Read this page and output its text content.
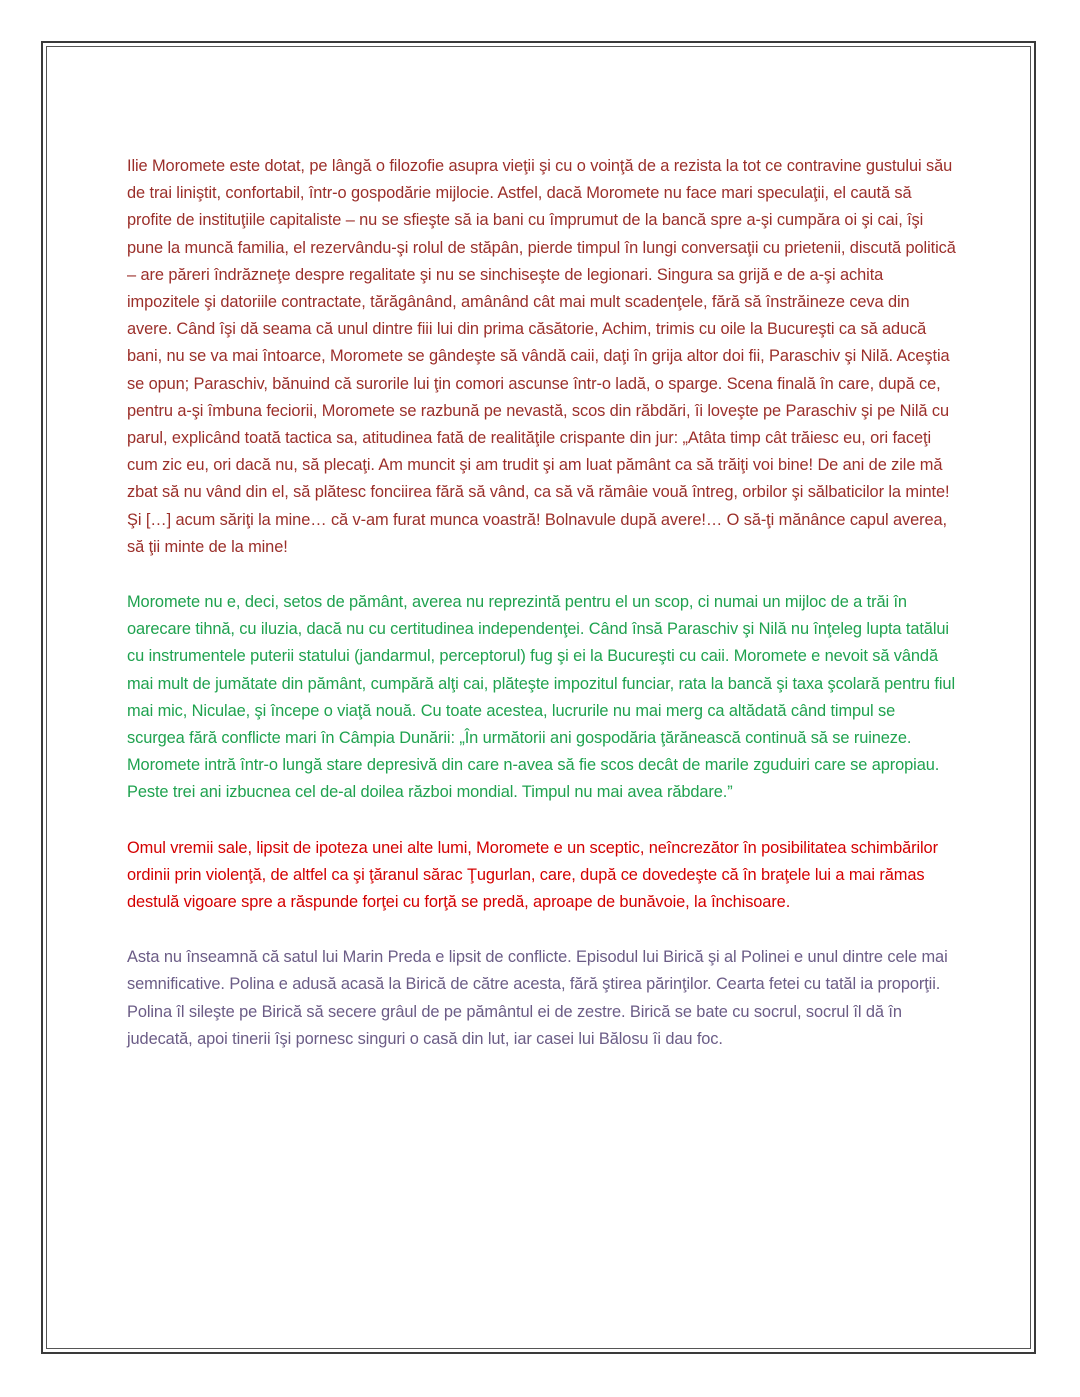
Ilie Moromete este dotat, pe lângă o filozofie asupra vieţii şi cu o voinţă de a rezista la tot ce contravine gustului său de trai liniştit, confortabil, într-o gospodărie mijlocie. Astfel, dacă Moromete nu face mari speculaţii, el caută să profite de instituţiile capitaliste – nu se sfieşte să ia bani cu împrumut de la bancă spre a-şi cumpăra oi şi cai, îşi pune la muncă familia, el rezervându-şi rolul de stăpân, pierde timpul în lungi conversaţii cu prietenii, discută politică – are păreri îndrăzneţe despre regalitate şi nu se sinchiseşte de legionari. Singura sa grijă e de a-şi achita impozitele şi datoriile contractate, tărăgânând, amânând cât mai mult scadenţele, fără să înstrăineze ceva din avere. Când îşi dă seama că unul dintre fiii lui din prima căsătorie, Achim, trimis cu oile la Bucureşti ca să aducă bani, nu se va mai întoarce, Moromete se gândeşte să vândă caii, daţi în grija altor doi fii, Paraschiv şi Nilă. Aceştia se opun; Paraschiv, bănuind că surorile lui ţin comori ascunse într-o ladă, o sparge. Scena finală în care, după ce, pentru a-şi îmbuna feciorii, Moromete se razbună pe nevastă, scos din răbdări, îi loveşte pe Paraschiv şi pe Nilă cu parul, explicând toată tactica sa, atitudinea fată de realităţile crispante din jur: „Atâta timp cât trăiesc eu, ori faceţi cum zic eu, ori dacă nu, să plecaţi. Am muncit şi am trudit şi am luat pământ ca să trăiţi voi bine! De ani de zile mă zbat să nu vând din el, să plătesc fonciirea fără să vând, ca să vă rămâie vouă întreg, orbilor şi sălbaticilor la minte! Şi […] acum săriţi la mine… că v-am furat munca voastră! Bolnavule după avere!… O să-ţi mănânce capul averea, să ţii minte de la mine!

Moromete nu e, deci, setos de pământ, averea nu reprezintă pentru el un scop, ci numai un mijloc de a trăi în oarecare tihnă, cu iluzia, dacă nu cu certitudinea independenţei. Când însă Paraschiv şi Nilă nu înţeleg lupta tatălui cu instrumentele puterii statului (jandarmul, perceptorul) fug şi ei la Bucureşti cu caii. Moromete e nevoit să vândă mai mult de jumătate din pământ, cumpără alţi cai, plăteşte impozitul funciar, rata la bancă şi taxa şcolară pentru fiul mai mic, Niculae, şi începe o viaţă nouă. Cu toate acestea, lucrurile nu mai merg ca altădată când timpul se scurgea fără conflicte mari în Câmpia Dunării: „În următorii ani gospodăria ţărănească continuă să se ruineze. Moromete intră într-o lungă stare depresivă din care n-avea să fie scos decât de marile zguduiri care se apropiau. Peste trei ani izbucnea cel de-al doilea război mondial. Timpul nu mai avea răbdare.”

Omul vremii sale, lipsit de ipoteza unei alte lumi, Moromete e un sceptic, neîncrezător în posibilitatea schimbărilor ordinii prin violenţă, de altfel ca şi ţăranul sărac Ţugurlan, care, după ce dovedeşte că în braţele lui a mai rămas destulă vigoare spre a răspunde forţei cu forţă se predă, aproape de bunăvoie, la închisoare.

Asta nu înseamnă că satul lui Marin Preda e lipsit de conflicte. Episodul lui Birică şi al Polinei e unul dintre cele mai semnificative. Polina e adusă acasă la Birică de către acesta, fără ştirea părinţilor. Cearta fetei cu tatăl ia proporţii. Polina îl sileşte pe Birică să secere grâul de pe pământul ei de zestre. Birică se bate cu socrul, socrul îl dă în judecată, apoi tinerii îşi pornesc singuri o casă din lut, iar casei lui Bălosu îi dau foc.
